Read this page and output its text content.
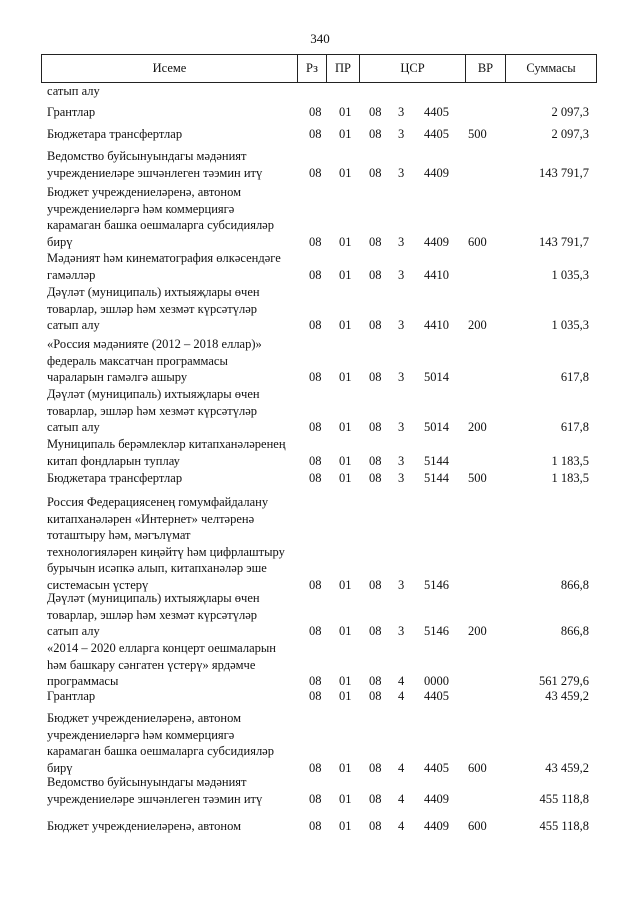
340
Исеме	Рз	ПР	ЦСР	ВР	Суммасы
сатып алу
Грантлар	08	01	08	3	4405	2 097,3
Бюджетара трансфертлар	08	01	08	3	4405	500	2 097,3
Ведомство буйсынуындагы мәдәният
учреждениеләре эшчәнлеген тәэмин итү	08	01	08	3	4409	143 791,7
Бюджет учреждениеләренә, автоном
учреждениеләргә һәм коммерциягә
карамаган башка оешмаларга субсидияләр
бирү	08	01	08	3	4409	600	143 791,7
Мәдәният һәм кинематография өлкәсендәге
гамәлләр	08	01	08	3	4410	1 035,3
Дәүләт (муниципаль) ихтыяҗлары өчен
товарлар, эшләр һәм хезмәт күрсәтүләр
сатып алу	08	01	08	3	4410	200	1 035,3
«Россия мәдәнияте (2012 – 2018 еллар)»
федераль максатчан программасы
чараларын гамәлгә ашыру	08	01	08	3	5014	617,8
Дәүләт (муниципаль) ихтыяҗлары өчен
товарлар, эшләр һәм хезмәт күрсәтүләр
сатып алу	08	01	08	3	5014	200	617,8
Муниципаль берәмлекләр китапханәләренең
китап фондларын туплау	08	01	08	3	5144	1 183,5
Бюджетара трансфертлар	08	01	08	3	5144	500	1 183,5
Россия Федерациясенең гомумфайдалану
китапханәләрен «Интернет» челтәренә
тоташтыру һәм, мәгълүмат
технологияләрен киңәйтү һәм цифрлаштыру
бурычын исәпкә алып, китапханәләр эше
системасын үстерү	08	01	08	3	5146	866,8
Дәүләт (муниципаль) ихтыяҗлары өчен
товарлар, эшләр һәм хезмәт күрсәтүләр
сатып алу	08	01	08	3	5146	200	866,8
«2014 – 2020 елларга концерт оешмаларын
һәм башкару сәнгатен үстерү» ярдәмче
программасы	08	01	08	4	0000	561 279,6
Грантлар	08	01	08	4	4405	43 459,2
Бюджет учреждениеләренә, автоном
учреждениеләргә һәм коммерциягә
карамаган башка оешмаларга субсидияләр
бирү	08	01	08	4	4405	600	43 459,2
Ведомство буйсынуындагы мәдәният
учреждениеләре эшчәнлеген тәэмин итү	08	01	08	4	4409	455 118,8
Бюджет учреждениеләренә, автоном	08	01	08	4	4409	600	455 118,8
